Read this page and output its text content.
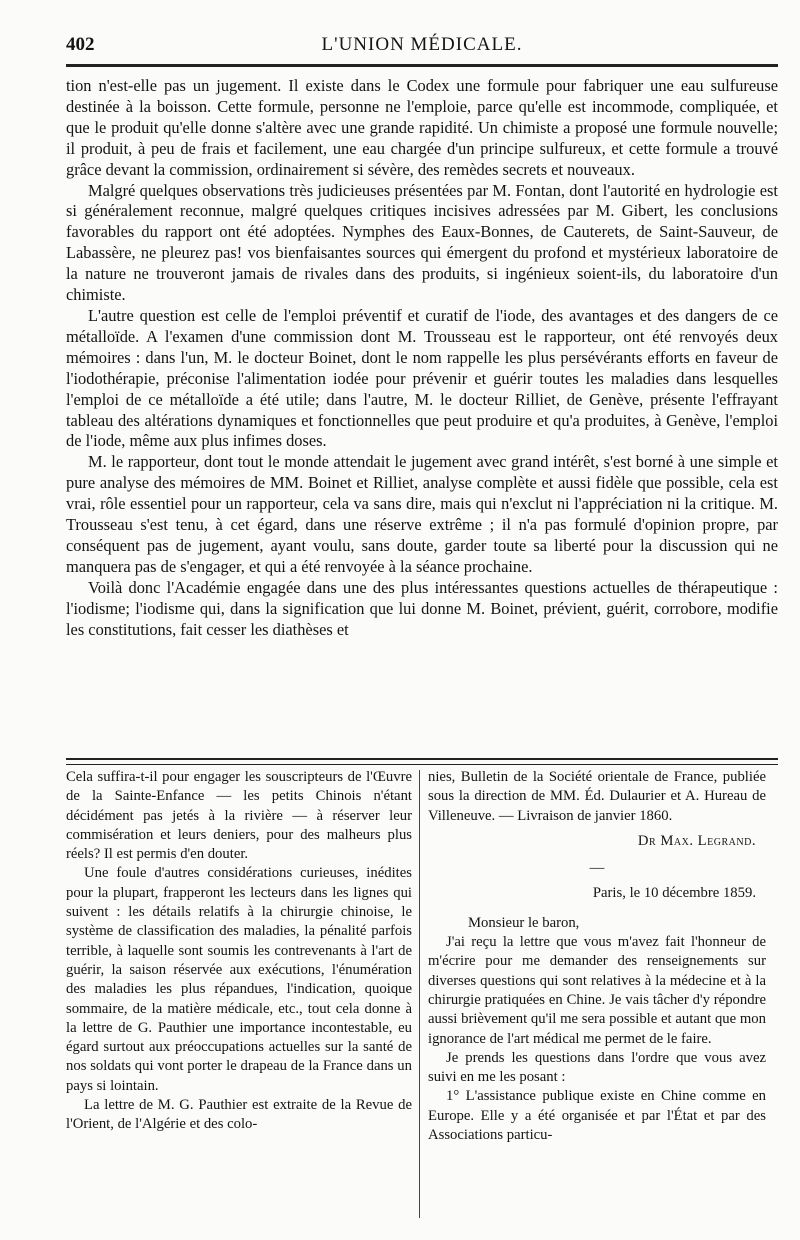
402	L'UNION MÉDICALE.

tion n'est-elle pas un jugement. Il existe dans le Codex une formule pour fabriquer une eau sulfureuse destinée à la boisson. Cette formule, personne ne l'emploie, parce qu'elle est incommode, compliquée, et que le produit qu'elle donne s'altère avec une grande rapidité. Un chimiste a proposé une formule nouvelle; il produit, à peu de frais et facilement, une eau chargée d'un principe sulfureux, et cette formule a trouvé grâce devant la commission, ordinairement si sévère, des remèdes secrets et nouveaux.

Malgré quelques observations très judicieuses présentées par M. Fontan, dont l'autorité en hydrologie est si généralement reconnue, malgré quelques critiques incisives adressées par M. Gibert, les conclusions favorables du rapport ont été adoptées. Nymphes des Eaux-Bonnes, de Cauterets, de Saint-Sauveur, de Labassère, ne pleurez pas! vos bienfaisantes sources qui émergent du profond et mystérieux laboratoire de la nature ne trouveront jamais de rivales dans des produits, si ingénieux soient-ils, du laboratoire d'un chimiste.

L'autre question est celle de l'emploi préventif et curatif de l'iode, des avantages et des dangers de ce métalloïde. A l'examen d'une commission dont M. Trousseau est le rapporteur, ont été renvoyés deux mémoires : dans l'un, M. le docteur Boinet, dont le nom rappelle les plus persévérants efforts en faveur de l'iodothérapie, préconise l'alimentation iodée pour prévenir et guérir toutes les maladies dans lesquelles l'emploi de ce métalloïde a été utile; dans l'autre, M. le docteur Rilliet, de Genève, présente l'effrayant tableau des altérations dynamiques et fonctionnelles que peut produire et qu'a produites, à Genève, l'emploi de l'iode, même aux plus infimes doses.

M. le rapporteur, dont tout le monde attendait le jugement avec grand intérêt, s'est borné à une simple et pure analyse des mémoires de MM. Boinet et Rilliet, analyse complète et aussi fidèle que possible, cela est vrai, rôle essentiel pour un rapporteur, cela va sans dire, mais qui n'exclut ni l'appréciation ni la critique. M. Trousseau s'est tenu, à cet égard, dans une réserve extrême ; il n'a pas formulé d'opinion propre, par conséquent pas de jugement, ayant voulu, sans doute, garder toute sa liberté pour la discussion qui ne manquera pas de s'engager, et qui a été renvoyée à la séance prochaine.

Voilà donc l'Académie engagée dans une des plus intéressantes questions actuelles de thérapeutique : l'iodisme; l'iodisme qui, dans la signification que lui donne M. Boinet, prévient, guérit, corrobore, modifie les constitutions, fait cesser les diathèses et

Cela suffira-t-il pour engager les souscripteurs de l'Œuvre de la Sainte-Enfance — les petits Chinois n'étant décidément pas jetés à la rivière — à réserver leur commisération et leurs deniers, pour des malheurs plus réels? Il est permis d'en douter.

Une foule d'autres considérations curieuses, inédites pour la plupart, frapperont les lecteurs dans les lignes qui suivent : les détails relatifs à la chirurgie chinoise, le système de classification des maladies, la pénalité parfois terrible, à laquelle sont soumis les contrevenants à l'art de guérir, la saison réservée aux exécutions, l'énumération des maladies les plus répandues, l'indication, quoique sommaire, de la matière médicale, etc., tout cela donne à la lettre de G. Pauthier une importance incontestable, eu égard surtout aux préoccupations actuelles sur la santé de nos soldats qui vont porter le drapeau de la France dans un pays si lointain.

La lettre de M. G. Pauthier est extraite de la Revue de l'Orient, de l'Algérie et des colo-

nies, Bulletin de la Société orientale de France, publiée sous la direction de MM. Éd. Dulaurier et A. Hureau de Villeneuve. — Livraison de janvier 1860.

Dr Max. Legrand.
—
Paris, le 10 décembre 1859.

Monsieur le baron,

J'ai reçu la lettre que vous m'avez fait l'honneur de m'écrire pour me demander des renseignements sur diverses questions qui sont relatives à la médecine et à la chirurgie pratiquées en Chine. Je vais tâcher d'y répondre aussi brièvement qu'il me sera possible et autant que mon ignorance de l'art médical me permet de le faire.

Je prends les questions dans l'ordre que vous avez suivi en me les posant :

1° L'assistance publique existe en Chine comme en Europe. Elle y a été organisée et par l'État et par des Associations particu-
